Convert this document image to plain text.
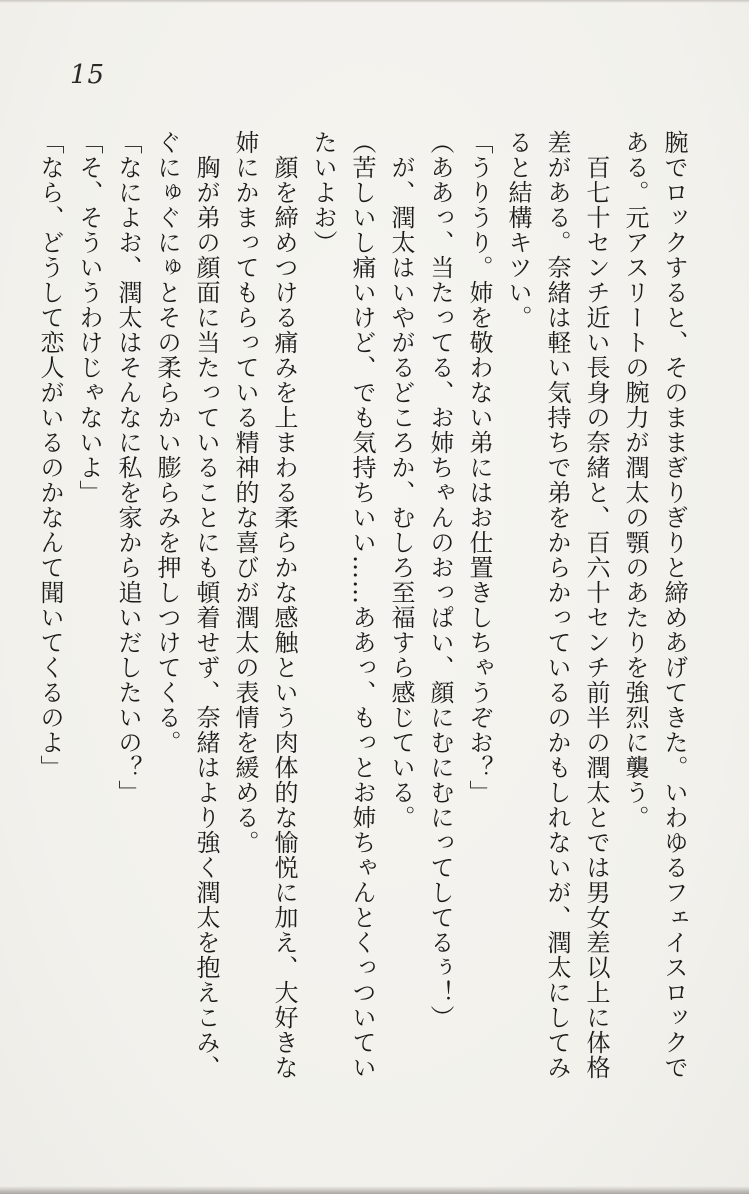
15

腕でロックすると、そのままぎりぎりと締めあげてきた。いわゆるフェイスロックで

ある。元アスリートの腕力が潤太の顎のあたりを強烈に襲う。

　百七十センチ近い長身の奈緒と、百六十センチ前半の潤太とでは男女差以上に体格

差がある。奈緒は軽い気持ちで弟をからかっているのかもしれないが、潤太にしてみ

ると結構キツい。

「うりうり。姉を敬わない弟にはお仕置きしちゃうぞお？」

（ああっ、当たってる、お姉ちゃんのおっぱい、顔にむにむにってしてるぅ！）

　が、潤太はいやがるどころか、むしろ至福すら感じている。

（苦しいし痛いけど、でも気持ちいい……ああっ、もっとお姉ちゃんとくっついてい

たいよお）

　顔を締めつける痛みを上まわる柔らかな感触という肉体的な愉悦に加え、大好きな

姉にかまってもらっている精神的な喜びが潤太の表情を緩める。

　胸が弟の顔面に当たっていることにも頓着せず、奈緒はより強く潤太を抱えこみ、

ぐにゅぐにゅとその柔らかい膨らみを押しつけてくる。

「なによお、潤太はそんなに私を家から追いだしたいの？」

「そ、そういうわけじゃないよ」

「なら、どうして恋人がいるのかなんて聞いてくるのよ」
